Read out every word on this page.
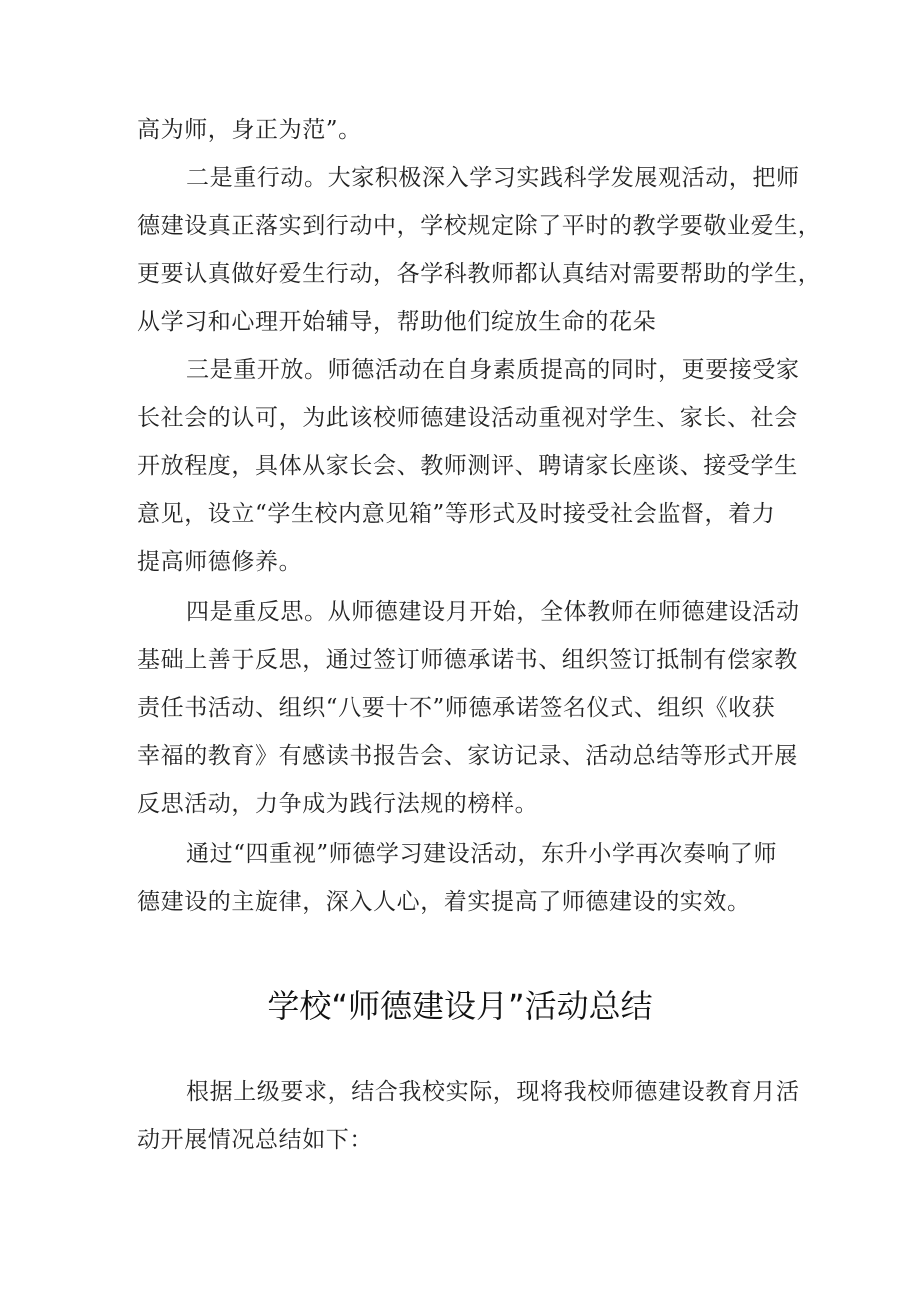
高为师，身正为范”。
二是重行动。大家积极深入学习实践科学发展观活动，把师
德建设真正落实到行动中，学校规定除了平时的教学要敬业爱生，
更要认真做好爱生行动，各学科教师都认真结对需要帮助的学生，
从学习和心理开始辅导，帮助他们绽放生命的花朵
三是重开放。师德活动在自身素质提高的同时，更要接受家
长社会的认可，为此该校师德建设活动重视对学生、家长、社会
开放程度，具体从家长会、教师测评、聘请家长座谈、接受学生
意见，设立“学生校内意见箱”等形式及时接受社会监督，着力
提高师德修养。
四是重反思。从师德建设月开始，全体教师在师德建设活动
基础上善于反思，通过签订师德承诺书、组织签订抵制有偿家教
责任书活动、组织“八要十不”师德承诺签名仪式、组织《收获
幸福的教育》有感读书报告会、家访记录、活动总结等形式开展
反思活动，力争成为践行法规的榜样。
通过“四重视”师德学习建设活动，东升小学再次奏响了师
德建设的主旋律，深入人心，着实提高了师德建设的实效。
学校“师德建设月”活动总结
根据上级要求，结合我校实际，现将我校师德建设教育月活
动开展情况总结如下：
